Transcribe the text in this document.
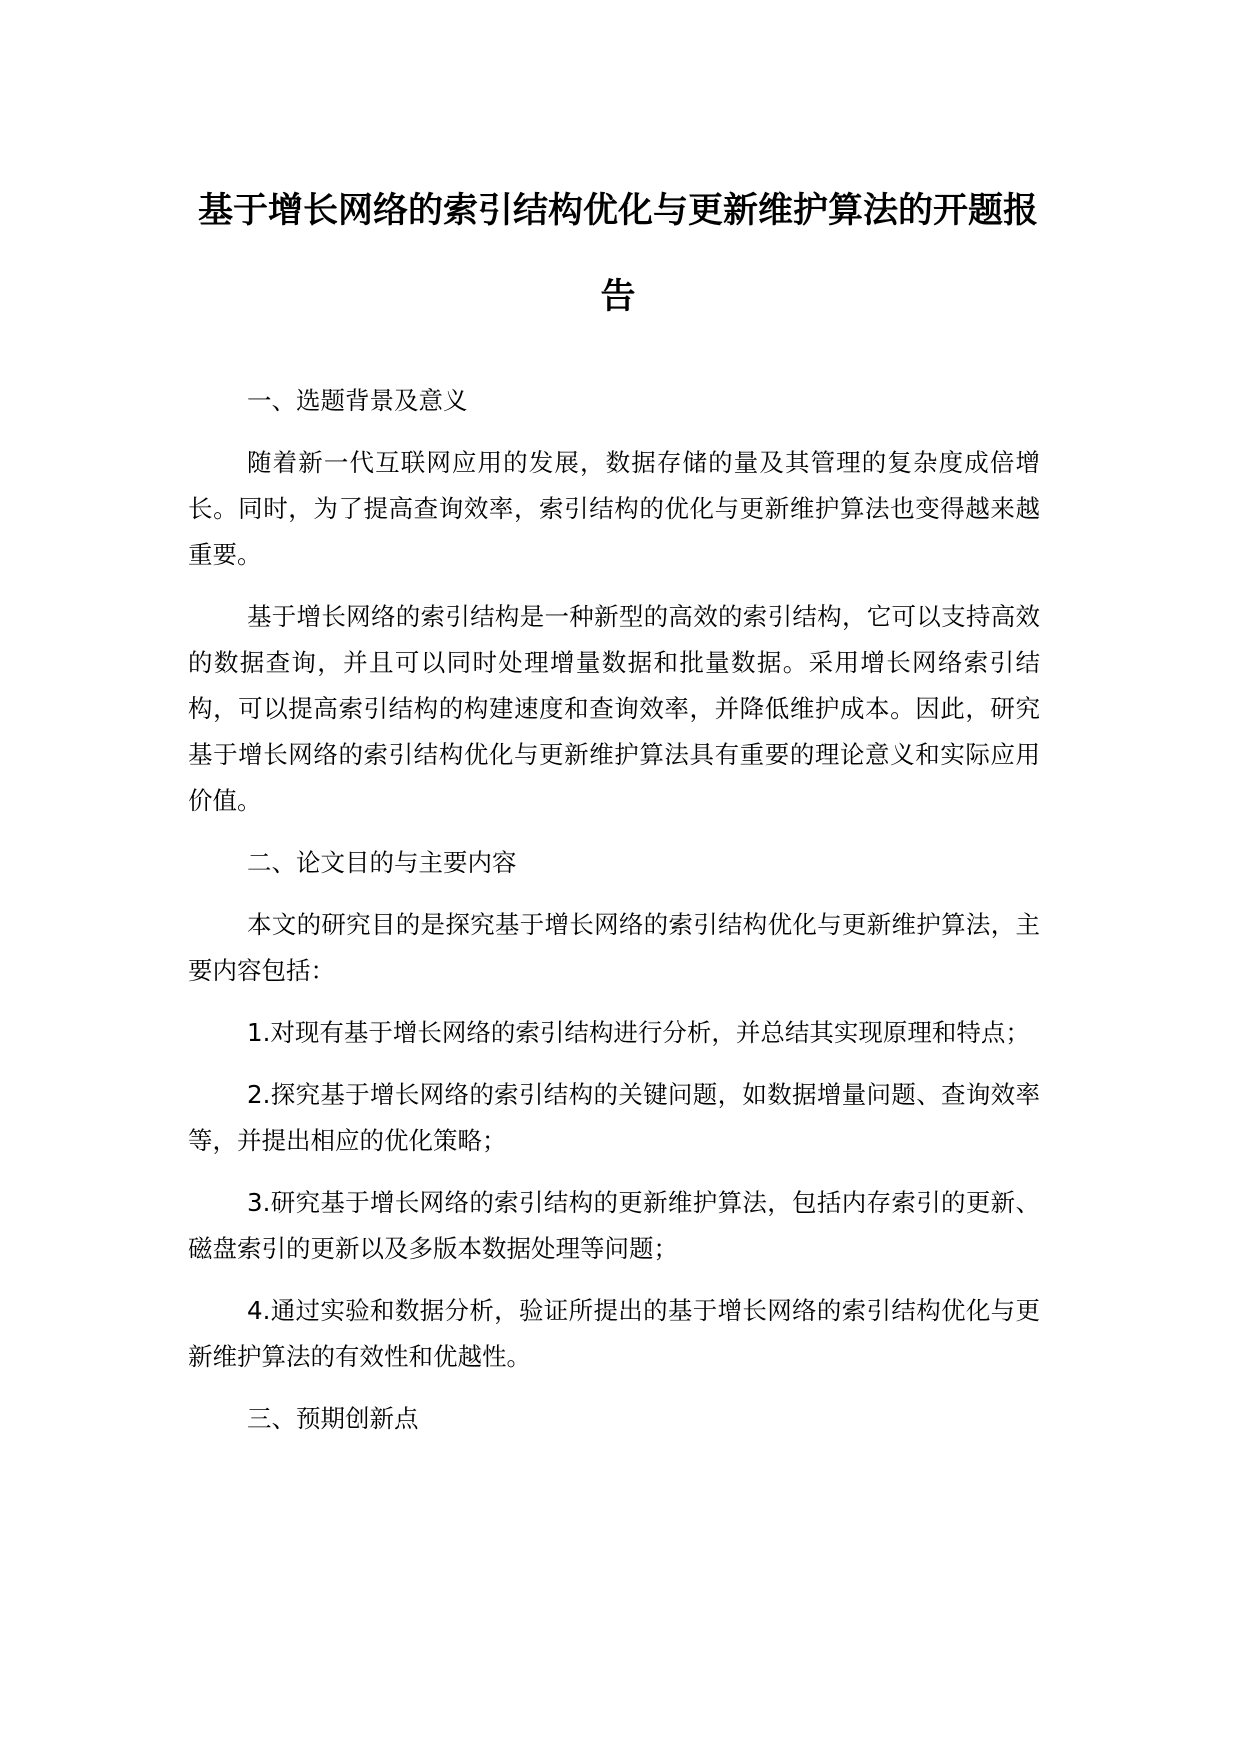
基于增长网络的索引结构优化与更新维护算法的开题报告

一、选题背景及意义

随着新一代互联网应用的发展，数据存储的量及其管理的复杂度成倍增长。同时，为了提高查询效率，索引结构的优化与更新维护算法也变得越来越重要。

基于增长网络的索引结构是一种新型的高效的索引结构，它可以支持高效的数据查询，并且可以同时处理增量数据和批量数据。采用增长网络索引结构，可以提高索引结构的构建速度和查询效率，并降低维护成本。因此，研究基于增长网络的索引结构优化与更新维护算法具有重要的理论意义和实际应用价值。

二、论文目的与主要内容

本文的研究目的是探究基于增长网络的索引结构优化与更新维护算法，主要内容包括：

1.对现有基于增长网络的索引结构进行分析，并总结其实现原理和特点；

2.探究基于增长网络的索引结构的关键问题，如数据增量问题、查询效率等，并提出相应的优化策略；

3.研究基于增长网络的索引结构的更新维护算法，包括内存索引的更新、磁盘索引的更新以及多版本数据处理等问题；

4.通过实验和数据分析，验证所提出的基于增长网络的索引结构优化与更新维护算法的有效性和优越性。

三、预期创新点
